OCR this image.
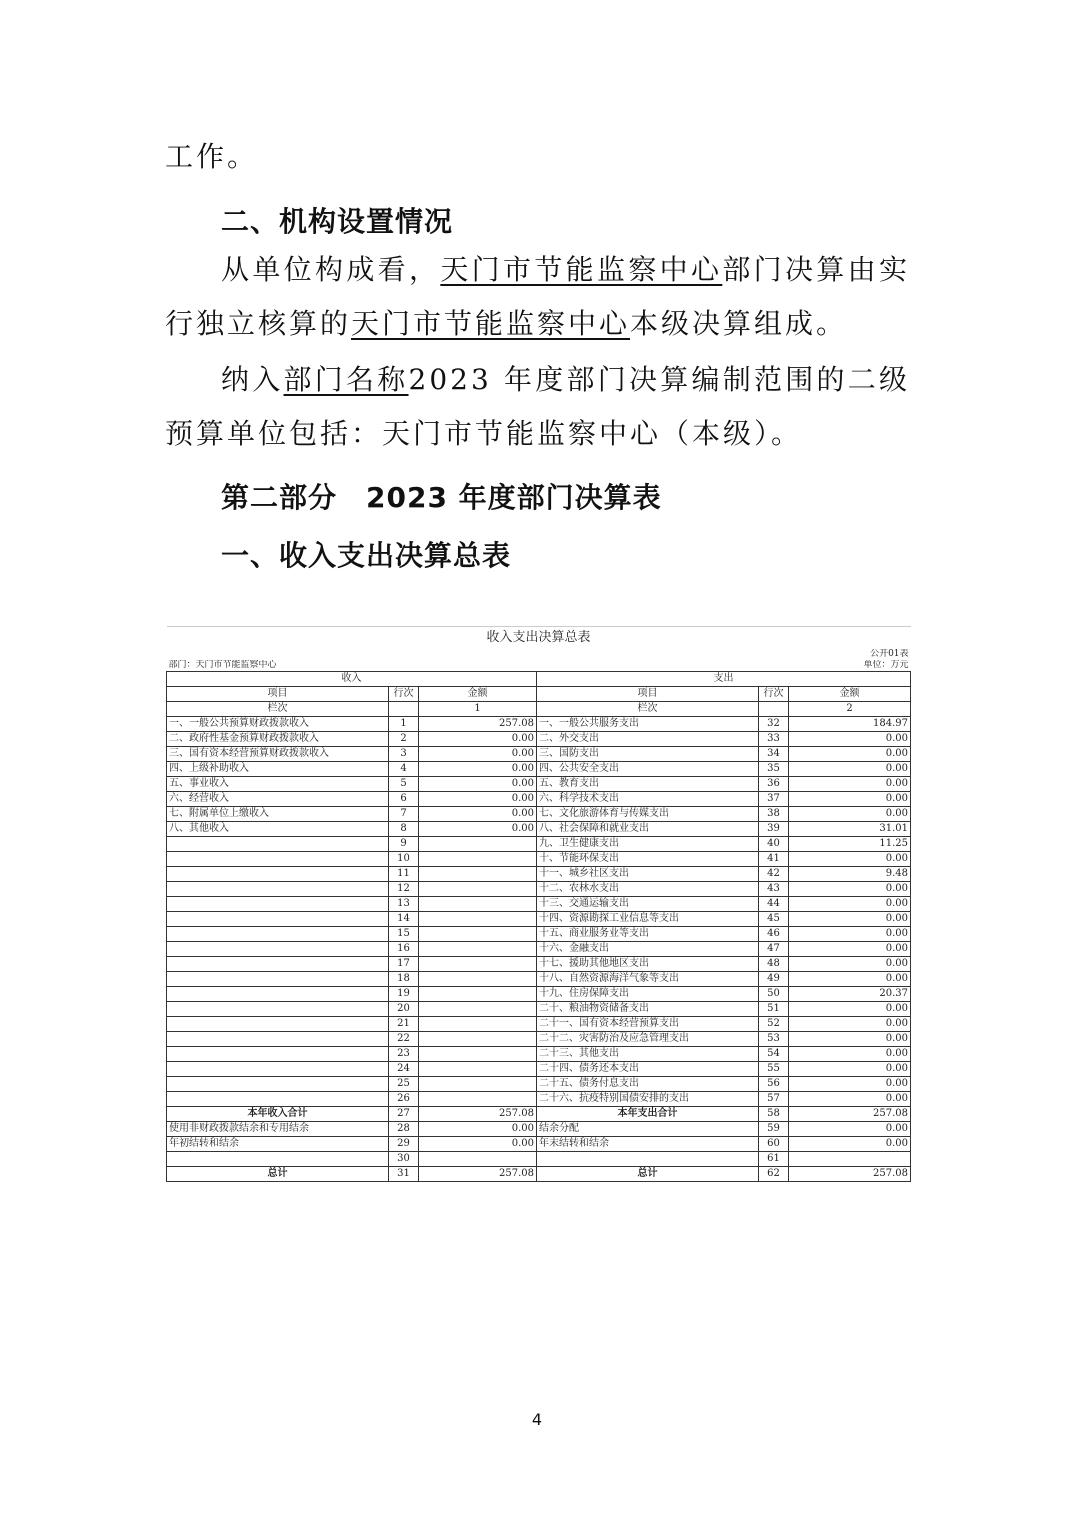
工作。

二、机构设置情况

从单位构成看，天门市节能监察中心部门决算由实行独立核算的天门市节能监察中心本级决算组成。

纳入部门名称2023 年度部门决算编制范围的二级预算单位包括：天门市节能监察中心（本级）。

第二部分　2023 年度部门决算表
一、收入支出决算总表
收入支出决算总表					
					公开01表
部门：天门市节能监察中心					单位：万元
收入			支出		
项目	行次	金额	项目	行次	金额
栏次		1	栏次		2
一、一般公共预算财政拨款收入	1	257.08	一、一般公共服务支出	32	184.97
二、政府性基金预算财政拨款收入	2	0.00	二、外交支出	33	0.00
三、国有资本经营预算财政拨款收入	3	0.00	三、国防支出	34	0.00
四、上级补助收入	4	0.00	四、公共安全支出	35	0.00
五、事业收入	5	0.00	五、教育支出	36	0.00
六、经营收入	6	0.00	六、科学技术支出	37	0.00
七、附属单位上缴收入	7	0.00	七、文化旅游体育与传媒支出	38	0.00
八、其他收入	8	0.00	八、社会保障和就业支出	39	31.01
	9		九、卫生健康支出	40	11.25
	10		十、节能环保支出	41	0.00
	11		十一、城乡社区支出	42	9.48
	12		十二、农林水支出	43	0.00
	13		十三、交通运输支出	44	0.00
	14		十四、资源勘探工业信息等支出	45	0.00
	15		十五、商业服务业等支出	46	0.00
	16		十六、金融支出	47	0.00
	17		十七、援助其他地区支出	48	0.00
	18		十八、自然资源海洋气象等支出	49	0.00
	19		十九、住房保障支出	50	20.37
	20		二十、粮油物资储备支出	51	0.00
	21		二十一、国有资本经营预算支出	52	0.00
	22		二十二、灾害防治及应急管理支出	53	0.00
	23		二十三、其他支出	54	0.00
	24		二十四、债务还本支出	55	0.00
	25		二十五、债务付息支出	56	0.00
	26		二十六、抗疫特别国债安排的支出	57	0.00
本年收入合计	27	257.08	本年支出合计	58	257.08
使用非财政拨款结余和专用结余	28	0.00	结余分配	59	0.00
年初结转和结余	29	0.00	年末结转和结余	60	0.00
	30			61	
总计	31	257.08	总计	62	257.08
4
